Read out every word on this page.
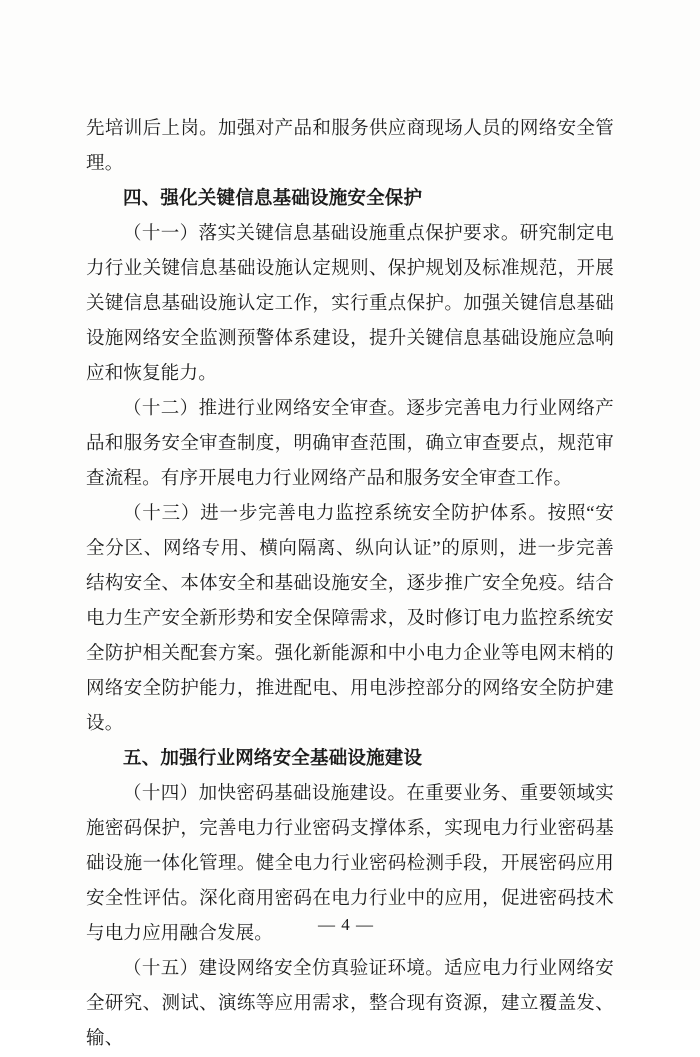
先培训后上岗。加强对产品和服务供应商现场人员的网络安全管理。

四、强化关键信息基础设施安全保护

（十一）落实关键信息基础设施重点保护要求。研究制定电力行业关键信息基础设施认定规则、保护规划及标准规范，开展关键信息基础设施认定工作，实行重点保护。加强关键信息基础设施网络安全监测预警体系建设，提升关键信息基础设施应急响应和恢复能力。

（十二）推进行业网络安全审查。逐步完善电力行业网络产品和服务安全审查制度，明确审查范围，确立审查要点，规范审查流程。有序开展电力行业网络产品和服务安全审查工作。

（十三）进一步完善电力监控系统安全防护体系。按照“安全分区、网络专用、横向隔离、纵向认证”的原则，进一步完善结构安全、本体安全和基础设施安全，逐步推广安全免疫。结合电力生产安全新形势和安全保障需求，及时修订电力监控系统安全防护相关配套方案。强化新能源和中小电力企业等电网末梢的网络安全防护能力，推进配电、用电涉控部分的网络安全防护建设。

五、加强行业网络安全基础设施建设

（十四）加快密码基础设施建设。在重要业务、重要领域实施密码保护，完善电力行业密码支撑体系，实现电力行业密码基础设施一体化管理。健全电力行业密码检测手段，开展密码应用安全性评估。深化商用密码在电力行业中的应用，促进密码技术与电力应用融合发展。

（十五）建设网络安全仿真验证环境。适应电力行业网络安全研究、测试、演练等应用需求，整合现有资源，建立覆盖发、输、

— 4 —
